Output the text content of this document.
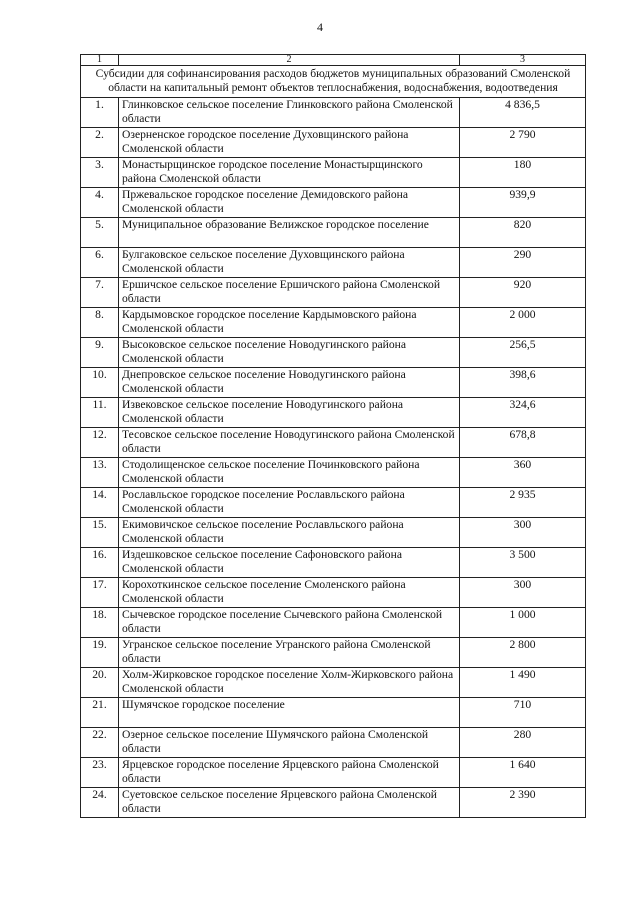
4
1	2	3
Субсидии для софинансирования расходов бюджетов муниципальных образований Смоленской области на капитальный ремонт объектов теплоснабжения, водоснабжения, водоотведения		
1.	Глинковское сельское поселение Глинковского района Смоленской области	4 836,5
2.	Озерненское городское поселение Духовщинского района Смоленской области	2 790
3.	Монастырщинское городское поселение Монастырщинского района Смоленской области	180
4.	Пржевальское городское поселение Демидовского района Смоленской области	939,9
5.	Муниципальное образование Велижское городское поселение	820
6.	Булгаковское сельское поселение Духовщинского района Смоленской области	290
7.	Ершичское сельское поселение Ершичского района Смоленской области	920
8.	Кардымовское городское поселение Кардымовского района Смоленской области	2 000
9.	Высоковское сельское поселение Новодугинского района Смоленской области	256,5
10.	Днепровское сельское поселение Новодугинского района Смоленской области	398,6
11.	Извековское сельское поселение Новодугинского района Смоленской области	324,6
12.	Тесовское сельское поселение Новодугинского района Смоленской области	678,8
13.	Стодолищенское сельское поселение Починковского района Смоленской области	360
14.	Рославльское городское поселение Рославльского района Смоленской области	2 935
15.	Екимовичское сельское поселение Рославльского района Смоленской области	300
16.	Издешковское сельское поселение Сафоновского района Смоленской области	3 500
17.	Корохоткинское сельское поселение Смоленского района Смоленской области	300
18.	Сычевское городское поселение Сычевского района Смоленской области	1 000
19.	Угранское сельское поселение Угранского района Смоленской области	2 800
20.	Холм-Жирковское городское поселение Холм-Жирковского района Смоленской области	1 490
21.	Шумячское городское поселение	710
22.	Озерное сельское поселение Шумячского района Смоленской области	280
23.	Ярцевское городское поселение Ярцевского района Смоленской области	1 640
24.	Суетовское сельское поселение Ярцевского района Смоленской области	2 390
